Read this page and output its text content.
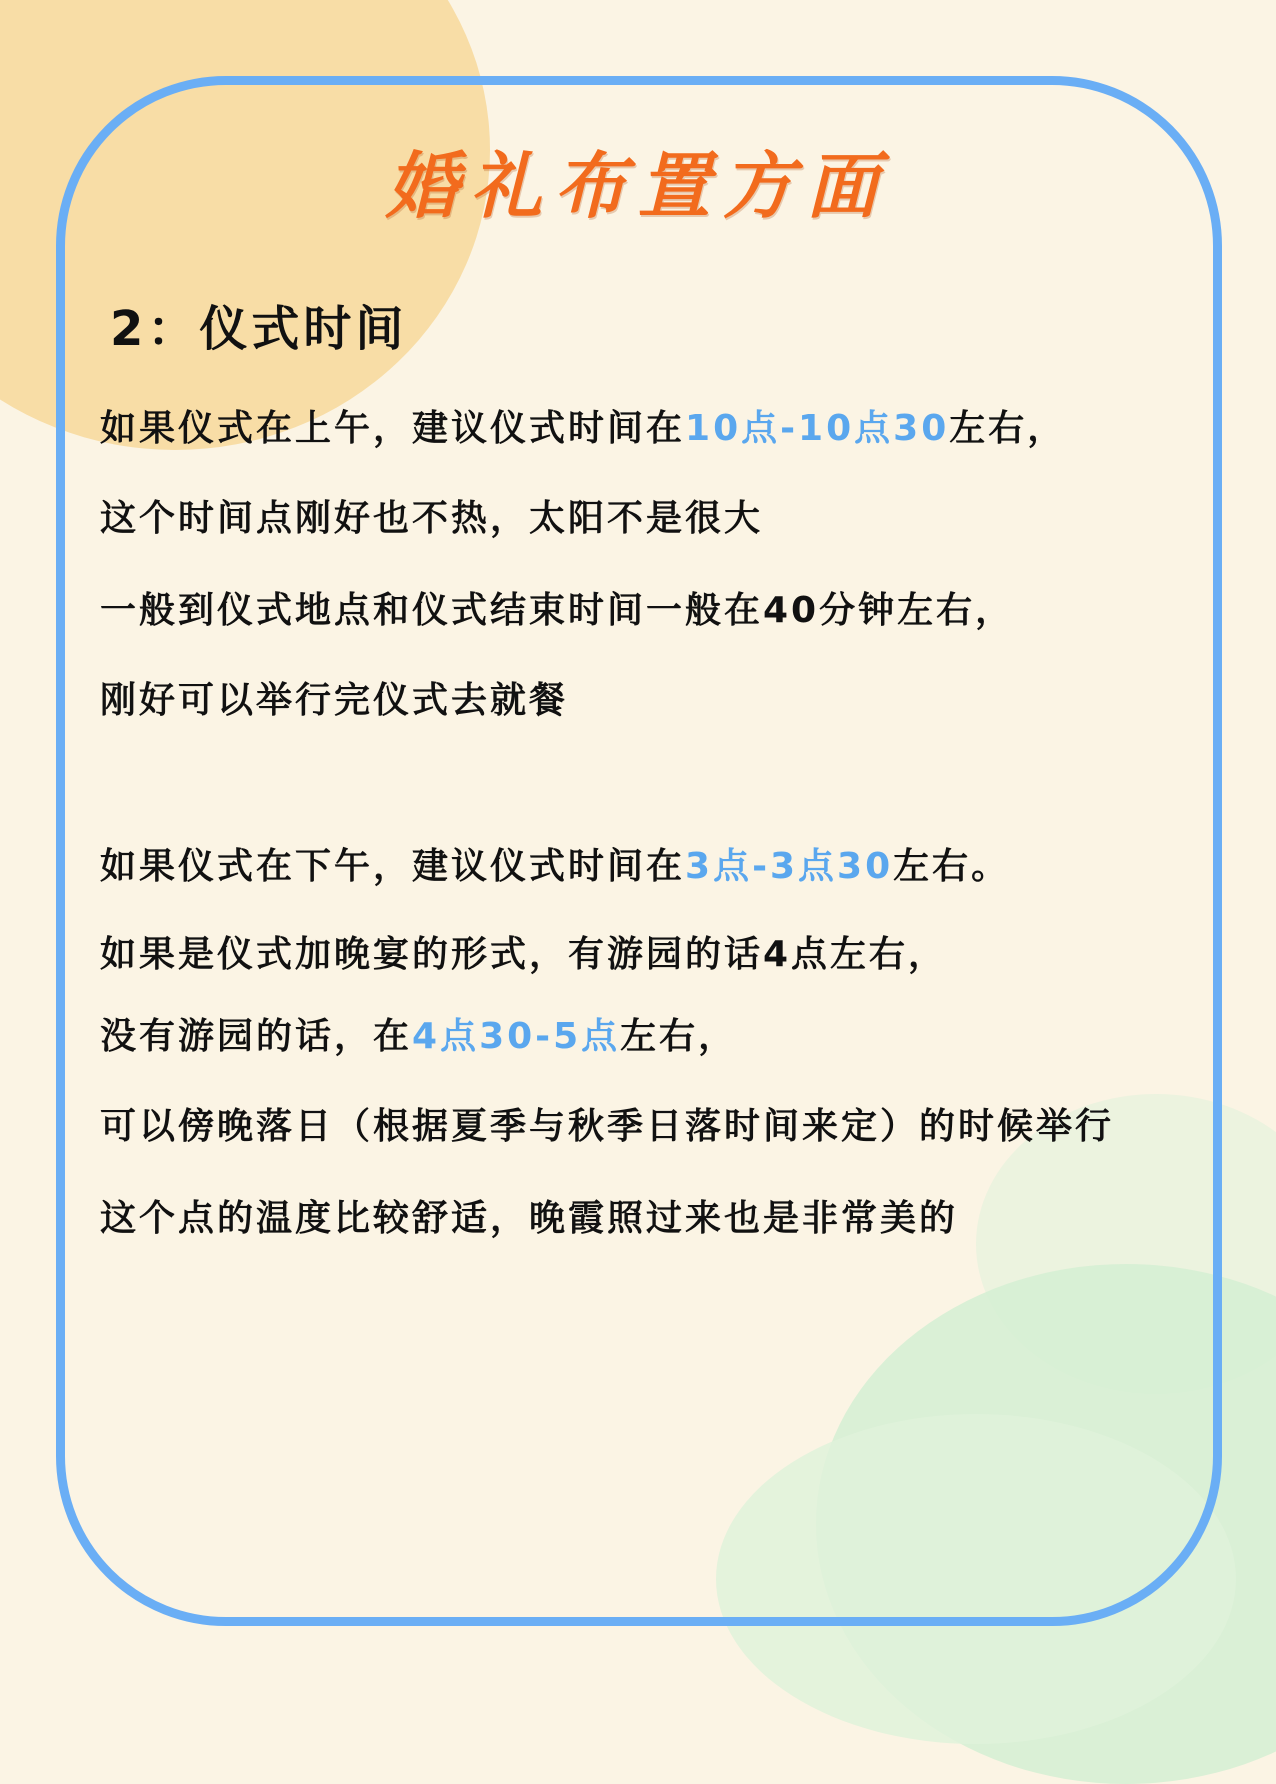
婚礼布置方面
2：仪式时间
如果仪式在上午，建议仪式时间在10点-10点30左右，
这个时间点刚好也不热，太阳不是很大
一般到仪式地点和仪式结束时间一般在40分钟左右，
刚好可以举行完仪式去就餐
如果仪式在下午，建议仪式时间在3点-3点30左右。
如果是仪式加晚宴的形式，有游园的话4点左右，
没有游园的话，在4点30-5点左右，
可以傍晚落日（根据夏季与秋季日落时间来定）的时候举行
这个点的温度比较舒适，晚霞照过来也是非常美的
